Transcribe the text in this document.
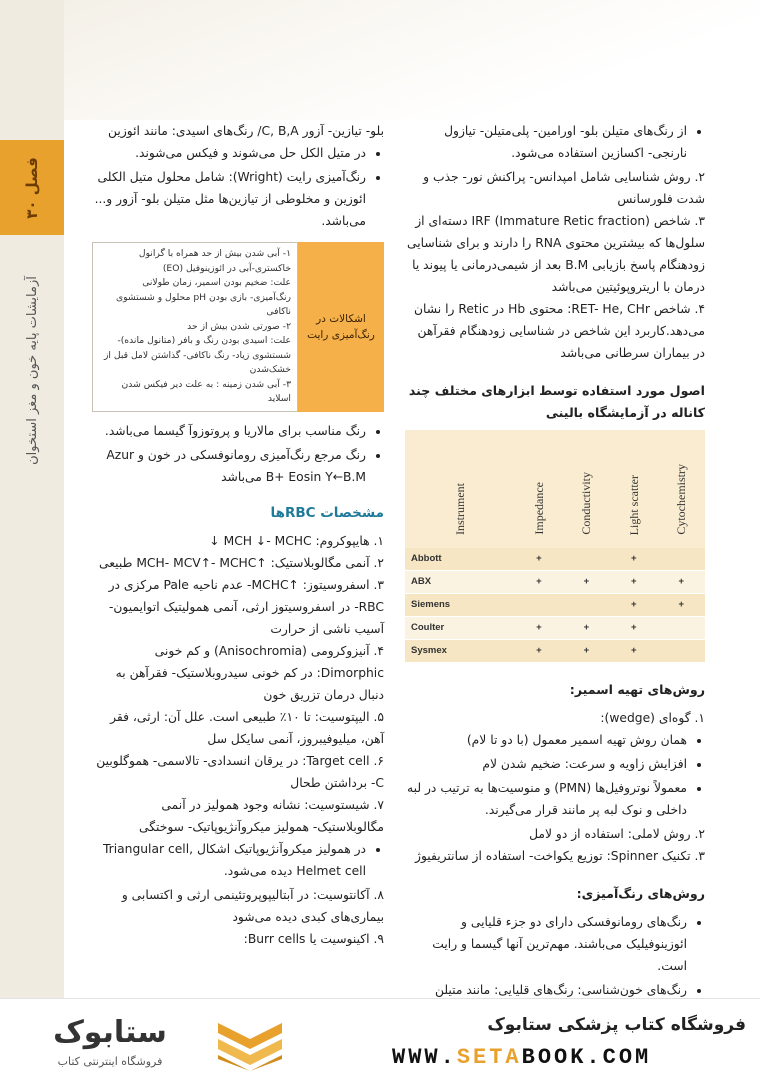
فصل ۳۰
آزمایشات پایه خون و مغز استخوان
• از رنگ‌های متیلن بلو- اورامین- پلی‌متیلن- تیازول نارنجی- اکسازین استفاده می‌شود.

۲. روش شناسایی شامل امپدانس- پراکنش نور- جذب و شدت فلورسانس

۳. شاخص IRF (Immature Retic fraction) دسته‌ای از سلول‌ها که بیشترین محتوی RNA را دارند و برای شناسایی زودهنگام پاسخ بازیابی B.M بعد از شیمی‌درمانی یا پیوند یا درمان با اریتروپوئیتین می‌باشد

۴. شاخص RET- He, CHr: محتوی Hb در Retic را نشان می‌دهد.کاربرد این شاخص در شناسایی زودهنگام فقرآهن در بیماران سرطانی می‌باشد

اصول مورد استفاده توسط ابزارهای مختلف چند کاناله در آزمایشگاه بالینی
Instrument	Impedance	Conductivity	Light scatter	Cytochemistry
Abbott	+		+	
ABX	+	+	+	+
Siemens			+	+
Coulter	+	+	+	
Sysmex	+	+	+	
روش‌های تهیه اسمیر:

۱. گوه‌ای (wedge):

• همان روش تهیه اسمیر معمول (با دو تا لام)
• افزایش زاویه و سرعت: ضخیم شدن لام
• معمولاً نوتروفیل‌ها (PMN) و منوسیت‌ها به ترتیب در لبه داخلی و نوک لبه پر مانند قرار می‌گیرند.

۲. روش لاملی: استفاده از دو لامل

۳. تکنیک Spinner: توزیع یکواخت- استفاده از سانتریفیوژ

روش‌های رنگ‌آمیزی:
• رنگ‌های رومانوفسکی دارای دو جزء قلیایی و ائوزینوفیلیک می‌باشند. مهم‌ترین آنها گیسما و رایت است.
• رنگ‌های خون‌شناسی: رنگ‌های قلیایی: مانند متیلن

بلو- تیازین- آزور C, B,A/ رنگ‌های اسیدی: مانند ائوزین

• در متیل الکل حل می‌شوند و فیکس می‌شوند.
• رنگ‌آمیزی رایت (Wright): شامل محلول متیل الکلی ائوزین و مخلوطی از تیازین‌ها مثل متیلن بلو- آزور و... می‌باشد.
اشکالات در رنگ‌آمیزی رایت
۱- آبی شدن بیش از حد همراه با گرانول خاکستری-آبی در ائوزینوفیل (EO)
علت: ضخیم بودن اسمیر، زمان طولانی رنگ‌آمیزی- بازی بودن pH محلول و شستشوی ناکافی
۲- صورتی شدن بیش از حد
علت: اسیدی بودن رنگ و بافر (متانول مانده)- شستشوی زیاد- رنگ ناکافی- گذاشتن لامل قبل از خشک‌شدن
۳- آبی شدن زمینه : به علت دیر فیکس شدن اسلاید
• رنگ مناسب برای مالاریا و پروتوزوآ گیسما می‌باشد.
• رنگ مرجع رنگ‌آمیزی رومانوفسکی در خون و Azur B+ Eosin Y←B.M می‌باشد
مشخصات RBCها

۱. هایپوکروم: MCH ↓- MCHC ↓

۲. آنمی مگالوبلاستیک: ↑MCH- MCV↑- MCHC طبیعی

۳. اسفروسیتوز: ↑MCHC- عدم ناحیه Pale مرکزی در RBC- در اسفروسیتوز ارثی، آنمی همولیتیک اتوایمیون- آسیب ناشی از حرارت

۴. آنیزوکرومی (Anisochromia) و کم خونی Dimorphic: در کم خونی سیدروبلاستیک- فقرآهن به دنبال درمان تزریق خون

۵. الیپتوسیت: تا ۱۰٪ طبیعی است. علل آن: ارثی، فقر آهن، میلیوفیبروز، آنمی سایکل سل

۶. Target cell: در یرقان انسدادی- تالاسمی- هموگلوبین C- برداشتن طحال

۷. شیستوسیت: نشانه وجود همولیز در آنمی مگالوبلاستیک- همولیز میکروآنژیوپاتیک- سوختگی

• در همولیز میکروآنژیوپاتیک اشکال Triangular cell, Helmet cell دیده می‌شود.

۸. آکانتوسیت: در آبتالیپوپروتئینمی ارثی و اکتسابی و بیماری‌های کبدی دیده می‌شود

۹. اکینوسیت یا Burr cells:

ستابوک
فروشگاه اینترنتی کتاب
فروشگاه کتاب پزشکی ستابوک
WWW.SETABOOK.COM
